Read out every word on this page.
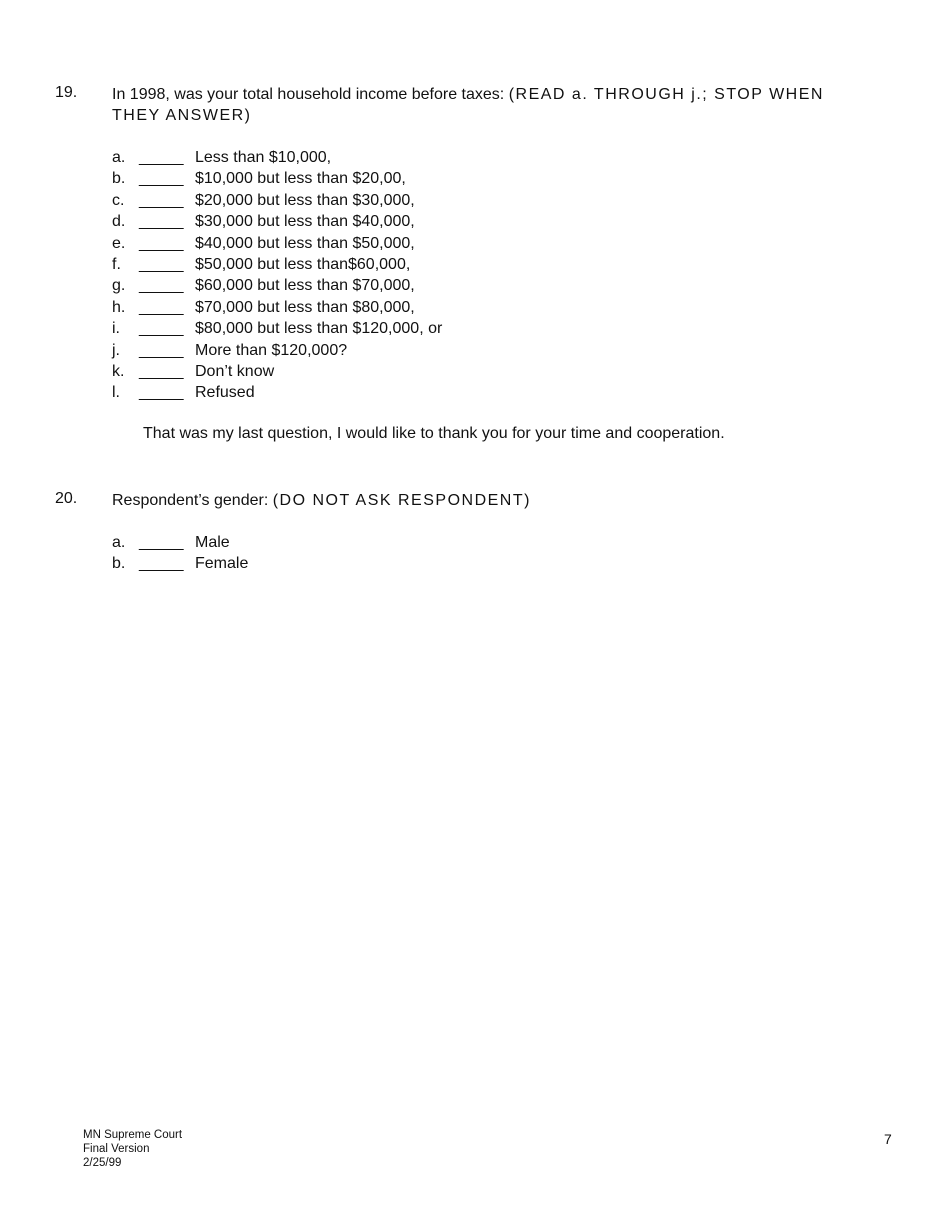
19. In 1998, was your total household income before taxes: (READ a. THROUGH j.; STOP WHEN THEY ANSWER)
a. _____ Less than $10,000,
b. _____ $10,000 but less than $20,00,
c. _____ $20,000 but less than $30,000,
d. _____ $30,000 but less than $40,000,
e. _____ $40,000 but less than $50,000,
f.	_____ $50,000 but less than$60,000,
g. _____ $60,000 but less than $70,000,
h. _____ $70,000 but less than $80,000,
i.	_____ $80,000 but less than $120,000, or
j.	_____ More than $120,000?
k. _____ Don’t know
l.	_____ Refused
That was my last question, I would like to thank you for your time and cooperation.
20. Respondent’s gender: (DO NOT ASK RESPONDENT)
a. _____ Male
b. _____ Female
MN Supreme Court
Final Version
2/25/99
7
